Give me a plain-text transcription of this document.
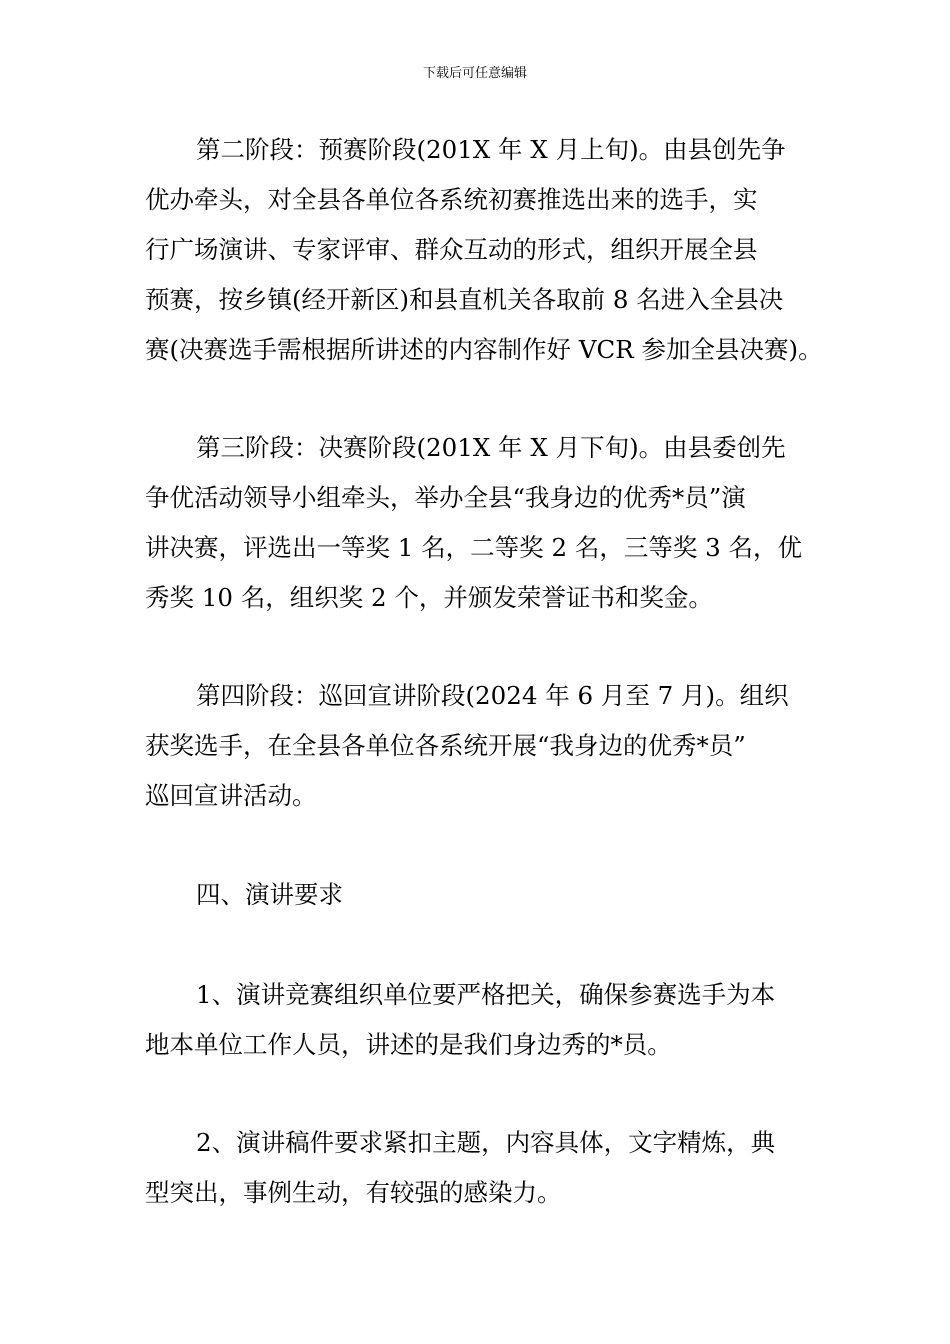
下载后可任意编辑
第二阶段：预赛阶段(201X 年 X 月上旬)。由县创先争
优办牵头，对全县各单位各系统初赛推选出来的选手，实
行广场演讲、专家评审、群众互动的形式，组织开展全县
预赛，按乡镇(经开新区)和县直机关各取前 8 名进入全县决
赛(决赛选手需根据所讲述的内容制作好 VCR 参加全县决赛)。
第三阶段：决赛阶段(201X 年 X 月下旬)。由县委创先
争优活动领导小组牵头，举办全县“我身边的优秀*员”演
讲决赛，评选出一等奖 1 名，二等奖 2 名，三等奖 3 名，优
秀奖 10 名，组织奖 2 个，并颁发荣誉证书和奖金。
第四阶段：巡回宣讲阶段(2024 年 6 月至 7 月)。组织
获奖选手，在全县各单位各系统开展“我身边的优秀*员”
巡回宣讲活动。
四、演讲要求
1、演讲竞赛组织单位要严格把关，确保参赛选手为本
地本单位工作人员，讲述的是我们身边秀的*员。
2、演讲稿件要求紧扣主题，内容具体，文字精炼，典
型突出，事例生动，有较强的感染力。
